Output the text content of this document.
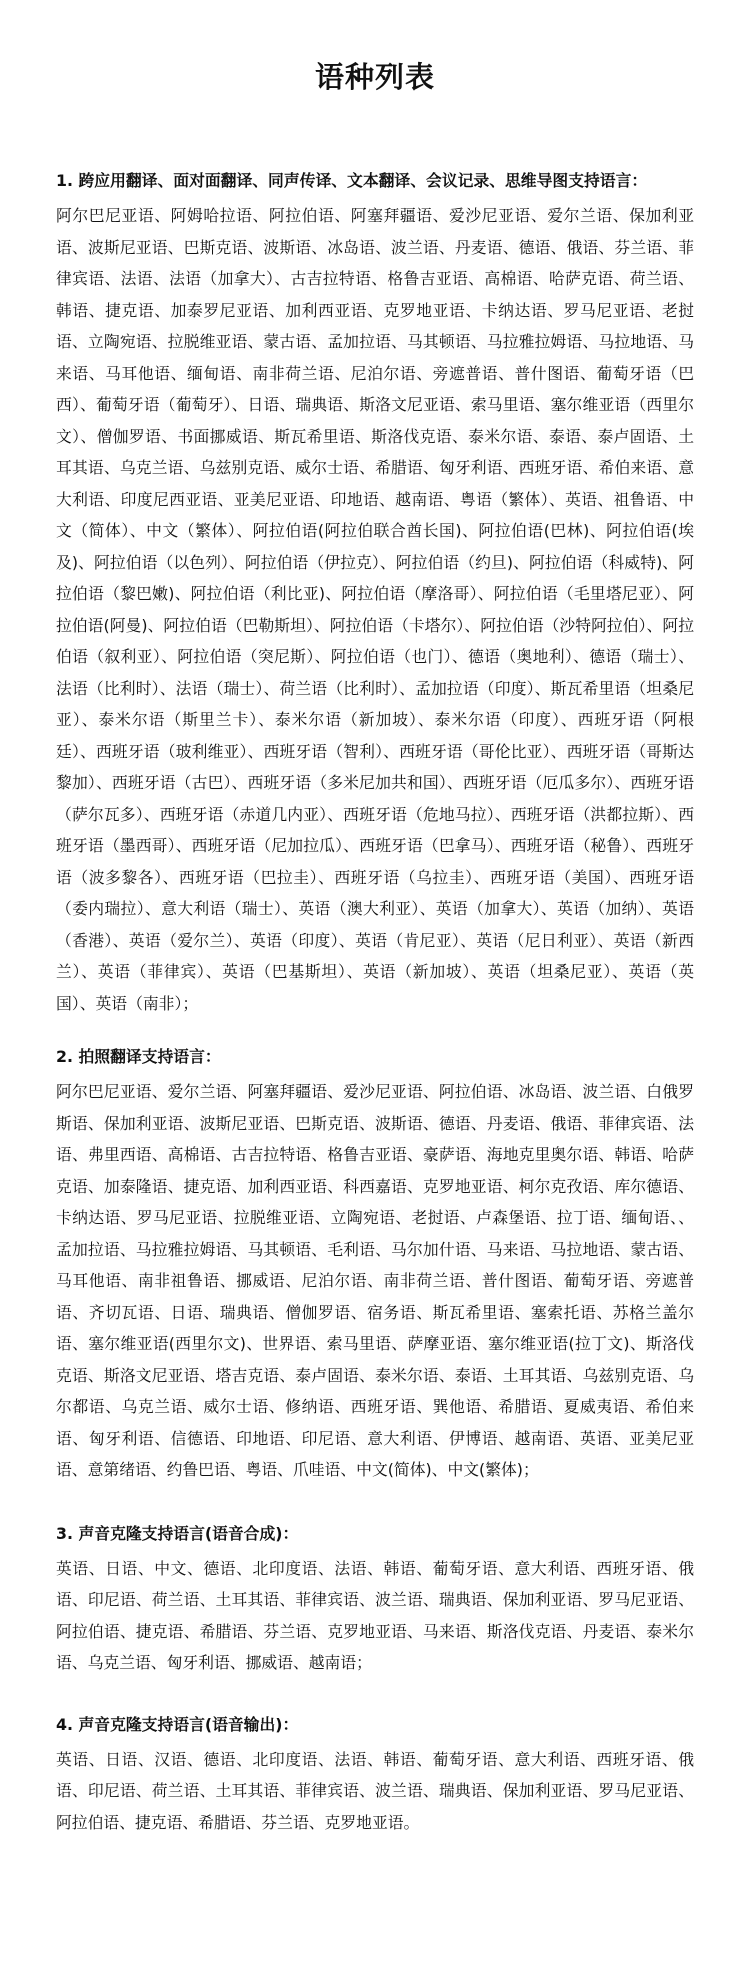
语种列表
1. 跨应用翻译、面对面翻译、同声传译、文本翻译、会议记录、思维导图支持语言：

阿尔巴尼亚语、阿姆哈拉语、阿拉伯语、阿塞拜疆语、爱沙尼亚语、爱尔兰语、保加利亚语、波斯尼亚语、巴斯克语、波斯语、冰岛语、波兰语、丹麦语、德语、俄语、芬兰语、菲律宾语、法语、法语（加拿大）、古吉拉特语、格鲁吉亚语、高棉语、哈萨克语、荷兰语、韩语、捷克语、加泰罗尼亚语、加利西亚语、克罗地亚语、卡纳达语、罗马尼亚语、老挝语、立陶宛语、拉脱维亚语、蒙古语、孟加拉语、马其顿语、马拉雅拉姆语、马拉地语、马来语、马耳他语、缅甸语、南非荷兰语、尼泊尔语、旁遮普语、普什图语、葡萄牙语（巴西）、葡萄牙语（葡萄牙）、日语、瑞典语、斯洛文尼亚语、索马里语、塞尔维亚语（西里尔文）、僧伽罗语、书面挪威语、斯瓦希里语、斯洛伐克语、泰米尔语、泰语、泰卢固语、土耳其语、乌克兰语、乌兹别克语、威尔士语、希腊语、匈牙利语、西班牙语、希伯来语、意大利语、印度尼西亚语、亚美尼亚语、印地语、越南语、粤语（繁体）、英语、祖鲁语、中文（简体）、中文（繁体）、阿拉伯语(阿拉伯联合酋长国)、阿拉伯语(巴林)、阿拉伯语(埃及)、阿拉伯语（以色列）、阿拉伯语（伊拉克）、阿拉伯语（约旦)、阿拉伯语（科威特)、阿拉伯语（黎巴嫩)、阿拉伯语（利比亚)、阿拉伯语（摩洛哥）、阿拉伯语（毛里塔尼亚）、阿拉伯语(阿曼)、阿拉伯语（巴勒斯坦）、阿拉伯语（卡塔尔）、阿拉伯语（沙特阿拉伯）、阿拉伯语（叙利亚）、阿拉伯语（突尼斯）、阿拉伯语（也门）、德语（奥地利）、德语（瑞士）、法语（比利时）、法语（瑞士）、荷兰语（比利时）、孟加拉语（印度）、斯瓦希里语（坦桑尼亚）、泰米尔语（斯里兰卡）、泰米尔语（新加坡）、泰米尔语（印度）、西班牙语（阿根廷）、西班牙语（玻利维亚）、西班牙语（智利）、西班牙语（哥伦比亚）、西班牙语（哥斯达黎加）、西班牙语（古巴）、西班牙语（多米尼加共和国）、西班牙语（厄瓜多尔）、西班牙语（萨尔瓦多）、西班牙语（赤道几内亚）、西班牙语（危地马拉）、西班牙语（洪都拉斯）、西班牙语（墨西哥）、西班牙语（尼加拉瓜）、西班牙语（巴拿马）、西班牙语（秘鲁）、西班牙语（波多黎各）、西班牙语（巴拉圭）、西班牙语（乌拉圭）、西班牙语（美国）、西班牙语（委内瑞拉）、意大利语（瑞士）、英语（澳大利亚）、英语（加拿大）、英语（加纳）、英语（香港）、英语（爱尔兰）、英语（印度）、英语（肯尼亚）、英语（尼日利亚）、英语（新西兰）、英语（菲律宾）、英语（巴基斯坦）、英语（新加坡）、英语（坦桑尼亚）、英语（英国）、英语（南非）；

2. 拍照翻译支持语言：

阿尔巴尼亚语、爱尔兰语、阿塞拜疆语、爱沙尼亚语、阿拉伯语、冰岛语、波兰语、白俄罗斯语、保加利亚语、波斯尼亚语、巴斯克语、波斯语、德语、丹麦语、俄语、菲律宾语、法语、弗里西语、高棉语、古吉拉特语、格鲁吉亚语、豪萨语、海地克里奥尔语、韩语、哈萨克语、加泰隆语、捷克语、加利西亚语、科西嘉语、克罗地亚语、柯尔克孜语、库尔德语、卡纳达语、罗马尼亚语、拉脱维亚语、立陶宛语、老挝语、卢森堡语、拉丁语、缅甸语、、孟加拉语、马拉雅拉姆语、马其顿语、毛利语、马尔加什语、马来语、马拉地语、蒙古语、马耳他语、南非祖鲁语、挪威语、尼泊尔语、南非荷兰语、普什图语、葡萄牙语、旁遮普语、齐切瓦语、日语、瑞典语、僧伽罗语、宿务语、斯瓦希里语、塞索托语、苏格兰盖尔语、塞尔维亚语(西里尔文)、世界语、索马里语、萨摩亚语、塞尔维亚语(拉丁文)、斯洛伐克语、斯洛文尼亚语、塔吉克语、泰卢固语、泰米尔语、泰语、土耳其语、乌兹别克语、乌尔都语、乌克兰语、威尔士语、修纳语、西班牙语、巽他语、希腊语、夏威夷语、希伯来语、匈牙利语、信德语、印地语、印尼语、意大利语、伊博语、越南语、英语、亚美尼亚语、意第绪语、约鲁巴语、粤语、爪哇语、中文(简体)、中文(繁体)；

3. 声音克隆支持语言(语音合成)：

英语、日语、中文、德语、北印度语、法语、韩语、葡萄牙语、意大利语、西班牙语、俄语、印尼语、荷兰语、土耳其语、菲律宾语、波兰语、瑞典语、保加利亚语、罗马尼亚语、阿拉伯语、捷克语、希腊语、芬兰语、克罗地亚语、马来语、斯洛伐克语、丹麦语、泰米尔语、乌克兰语、匈牙利语、挪威语、越南语；

4. 声音克隆支持语言(语音输出)：

英语、日语、汉语、德语、北印度语、法语、韩语、葡萄牙语、意大利语、西班牙语、俄语、印尼语、荷兰语、土耳其语、菲律宾语、波兰语、瑞典语、保加利亚语、罗马尼亚语、阿拉伯语、捷克语、希腊语、芬兰语、克罗地亚语。
